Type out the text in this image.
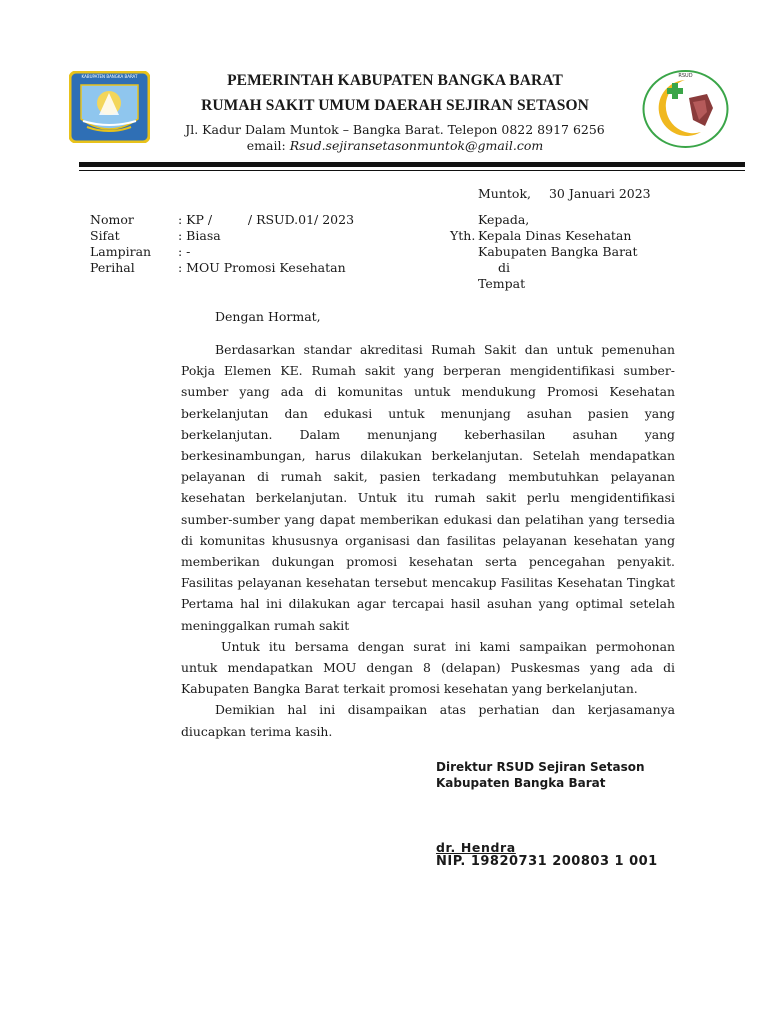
KABUPATEN BANGKA BARAT	RSUD
PEMERINTAH KABUPATEN BANGKA BARAT
RUMAH SAKIT UMUM DAERAH SEJIRAN SETASON
Jl. Kadur Dalam Muntok – Bangka Barat. Telepon 0822 8917 6256
email: Rsud.sejiransetasonmuntok@gmail.com
Muntok, 30 Januari 2023
Nomor	: KP /         / RSUD.01/ 2023
Sifat	: Biasa
Lampiran : -
Perihal	: MOU Promosi Kesehatan
Kepada,
Yth. Kepala Dinas Kesehatan
Kabupaten Bangka Barat
di
Tempat
Dengan Hormat,

Berdasarkan standar akreditasi Rumah Sakit dan untuk pemenuhan Pokja Elemen KE. Rumah sakit yang berperan mengidentifikasi sumber-sumber yang ada di komunitas untuk mendukung Promosi Kesehatan berkelanjutan dan edukasi untuk menunjang asuhan pasien yang berkelanjutan. Dalam menunjang keberhasilan asuhan yang berkesinambungan, harus dilakukan berkelanjutan. Setelah mendapatkan pelayanan di rumah sakit, pasien terkadang membutuhkan pelayanan kesehatan berkelanjutan. Untuk itu rumah sakit perlu mengidentifikasi sumber-sumber yang dapat memberikan edukasi dan pelatihan yang tersedia di komunitas khususnya organisasi dan fasilitas pelayanan kesehatan yang memberikan dukungan promosi kesehatan serta pencegahan penyakit. Fasilitas pelayanan kesehatan tersebut mencakup Fasilitas Kesehatan Tingkat Pertama hal ini dilakukan agar tercapai hasil asuhan yang optimal setelah meninggalkan rumah sakit

Untuk itu bersama dengan surat ini kami sampaikan permohonan untuk mendapatkan MOU dengan 8 (delapan) Puskesmas yang ada di Kabupaten Bangka Barat terkait promosi kesehatan yang berkelanjutan.

Demikian hal ini disampaikan atas perhatian dan kerjasamanya diucapkan terima kasih.

Direktur RSUD Sejiran Setason
Kabupaten Bangka Barat
dr. Hendra
NIP. 19820731 200803 1 001
